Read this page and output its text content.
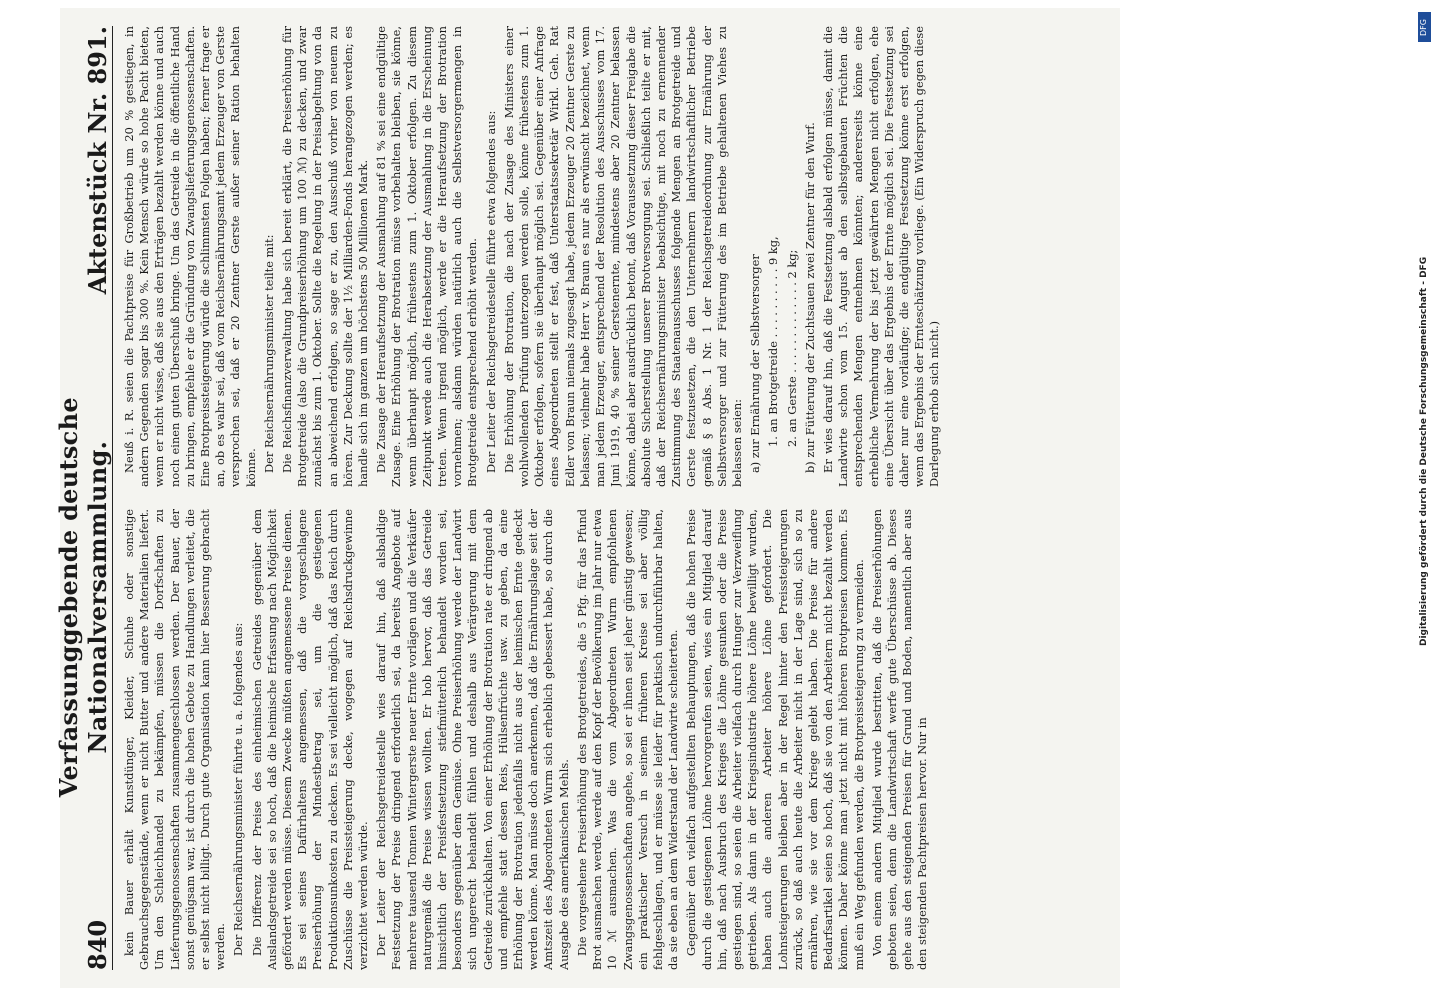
840
Verfassunggebende deutsche Nationalversammlung.
Aktenstück Nr. 891.

kein Bauer erhält Kunstdünger, Kleider, Schuhe oder sonstige Gebrauchsgegenstände, wenn er nicht Butter und andere Materialien liefert. Um den Schleichhandel zu bekämpfen, müssen die Dorfschaften zu Lieferungsgenossenschaften zusammengeschlossen werden. Der Bauer, der sonst genügsam war, ist durch die hohen Gebote zu Handlungen verleitet, die er selbst nicht billigt. Durch gute Organisation kann hier Besserung gebracht werden. Der Reichsernährungsminister führte u. a. folgendes aus: Die Differenz der Preise des einheimischen Getreides gegenüber dem Auslandsgetreide sei so hoch, daß die heimische Erfassung nach Möglichkeit gefördert werden müsse. Diesem Zwecke müßten angemessene Preise dienen. Es sei seines Dafürhaltens angemessen, daß die vorgeschlagene Preiserhöhung der Mindestbetrag sei, um die gestiegenen Produktionsunkosten zu decken. Es sei vielleicht möglich, daß das Reich durch Zuschüsse die Preissteigerung decke, wogegen auf Reichsdruckgewinne verzichtet werden würde. Der Leiter der Reichsgetreidestelle wies darauf hin, daß alsbaldige Festsetzung der Preise dringend erforderlich sei, da bereits Angebote auf mehrere tausend Tonnen Wintergerste neuer Ernte vorlägen und die Verkäufer naturgemäß die Preise wissen wollten. Er hob hervor, daß das Getreide hinsichtlich der Preisfestsetzung stiefmütterlich behandelt worden sei, besonders gegenüber dem Gemüse. Ohne Preiserhöhung werde der Landwirt sich ungerecht behandelt fühlen und deshalb aus Verärgerung mit dem Getreide zurückhalten. Von einer Erhöhung der Brotration rate er dringend ab und empfehle statt dessen Reis, Hülsenfrüchte usw. zu geben, da eine Erhöhung der Brotration jedenfalls nicht aus der heimischen Ernte gedeckt werden könne. Man müsse doch anerkennen, daß die Ernährungslage seit der Amtszeit des Abgeordneten Wurm sich erheblich gebessert habe, so durch die Ausgabe des amerikanischen Mehls. Die vorgesehene Preiserhöhung des Brotgetreides, die 5 Pfg. für das Pfund Brot ausmachen werde, werde auf den Kopf der Bevölkerung im Jahr nur etwa 10 ℳ ausmachen. Was die vom Abgeordneten Wurm empfohlenen Zwangsgenossenschaften angehe, so sei er ihnen seit jeher günstig gewesen; ein praktischer Versuch in seinem früheren Kreise sei aber völlig fehlgeschlagen, und er müsse sie leider für praktisch undurchführbar halten, da sie eben an dem Widerstand der Landwirte scheiterten. Gegenüber den vielfach aufgestellten Behauptungen, daß die hohen Preise durch die gestiegenen Löhne hervorgerufen seien, wies ein Mitglied darauf hin, daß nach Ausbruch des Krieges die Löhne gesunken oder die Preise gestiegen sind, so seien die Arbeiter vielfach durch Hunger zur Verzweiflung getrieben. Als dann in der Kriegsindustrie höhere Löhne bewilligt wurden, haben auch die anderen Arbeiter höhere Löhne gefordert. Die Lohnsteigerungen bleiben aber in der Regel hinter den Preissteigerungen zurück, so daß auch heute die Arbeiter nicht in der Lage sind, sich so zu ernähren, wie sie vor dem Kriege gelebt haben. Die Preise für andere Bedarfsartikel seien so hoch, daß sie von den Arbeitern nicht bezahlt werden können. Daher könne man jetzt nicht mit höheren Brotpreisen kommen. Es muß ein Weg gefunden werden, die Brotpreissteigerung zu vermeiden. Von einem andern Mitglied wurde bestritten, daß die Preiserhöhungen geboten seien, denn die Landwirtschaft werfe gute Überschüsse ab. Dieses gehe aus den steigenden Preisen für Grund und Boden, namentlich aber aus den steigenden Pachtpreisen hervor. Nur in

Neuß i. R. seien die Pachtpreise für Großbetrieb um 20 % gestiegen, in andern Gegenden sogar bis 300 %. Kein Mensch würde so hohe Pacht bieten, wenn er nicht wisse, daß sie aus den Erträgen bezahlt werden könne und auch noch einen guten Überschuß bringe. Um das Getreide in die öffentliche Hand zu bringen, empfehle er die Gründung von Zwangslieferungsgenossenschaften. Eine Brotpreissteigerung würde die schlimmsten Folgen haben; ferner frage er an, ob es wahr sei, daß vom Reichsernährungsamt jedem Erzeuger von Gerste versprochen sei, daß er 20 Zentner Gerste außer seiner Ration behalten könne. Der Reichsernährungsminister teilte mit: Die Reichsfinanzverwaltung habe sich bereit erklärt, die Preiserhöhung für Brotgetreide (also die Grundpreiserhöhung um 100 ℳ) zu decken, und zwar zunächst bis zum 1. Oktober. Sollte die Regelung in der Preisabgeltung von da an abweichend erfolgen, so sage er zu, den Ausschuß vorher von neuem zu hören. Zur Deckung sollte der 1½ Milliarden-Fonds herangezogen werden; es handle sich im ganzen um höchstens 50 Millionen Mark. Die Zusage der Heraufsetzung der Ausmahlung auf 81 % sei eine endgültige Zusage. Eine Erhöhung der Brotration müsse vorbehalten bleiben, sie könne, wenn überhaupt möglich, frühestens zum 1. Oktober erfolgen. Zu diesem Zeitpunkt werde auch die Herabsetzung der Ausmahlung in die Erscheinung treten. Wenn irgend möglich, werde er die Heraufsetzung der Brotration vornehmen; alsdann würden natürlich auch die Selbstversorgermengen in Brotgetreide entsprechend erhöht werden. Der Leiter der Reichsgetreidestelle führte etwa folgendes aus: Die Erhöhung der Brotration, die nach der Zusage des Ministers einer wohlwollenden Prüfung unterzogen werden solle, könne frühestens zum 1. Oktober erfolgen, sofern sie überhaupt möglich sei. Gegenüber einer Anfrage eines Abgeordneten stellt er fest, daß Unterstaatssekretär Wirkl. Geh. Rat Edler von Braun niemals zugesagt habe, jedem Erzeuger 20 Zentner Gerste zu belassen; vielmehr habe Herr v. Braun es nur als erwünscht bezeichnet, wenn man jedem Erzeuger, entsprechend der Resolution des Ausschusses vom 17. Juni 1919, 40 % seiner Gerstenernte, mindestens aber 20 Zentner belassen könne, dabei aber ausdrücklich betont, daß Voraussetzung dieser Freigabe die absolute Sicherstellung unserer Brotversorgung sei. Schließlich teilte er mit, daß der Reichsernährungsminister beabsichtige, mit noch zu ernennender Zustimmung des Staatenausschusses folgende Mengen an Brotgetreide und Gerste festzusetzen, die den Unternehmern landwirtschaftlicher Betriebe gemäß § 8 Abs. 1 Nr. 1 der Reichsgetreideordnung zur Ernährung der Selbstversorger und zur Fütterung des im Betriebe gehaltenen Viehes zu belassen seien: a) zur Ernährung der Selbstversorger 1. an Brotgetreide . . . . . . . . . . 9 kg, 2. an Gerste . . . . . . . . . . . . . 2 kg; b) zur Fütterung der Zuchtsauen zwei Zentner für den Wurf. Er wies darauf hin, daß die Festsetzung alsbald erfolgen müsse, damit die Landwirte schon vom 15. August ab den selbstgebauten Früchten die entsprechenden Mengen entnehmen könnten; andererseits könne eine erhebliche Vermehrung der bis jetzt gewährten Mengen nicht erfolgen, ehe eine Übersicht über das Ergebnis der Ernte möglich sei. Die Festsetzung sei daher nur eine vorläufige; die endgültige Festsetzung könne erst erfolgen, wenn das Ergebnis der Ernteschätzung vorliege. (Ein Widerspruch gegen diese Darlegung erhob sich nicht.)

DFG
Digitalisierung gefördert durch die Deutsche Forschungsgemeinschaft - DFG
